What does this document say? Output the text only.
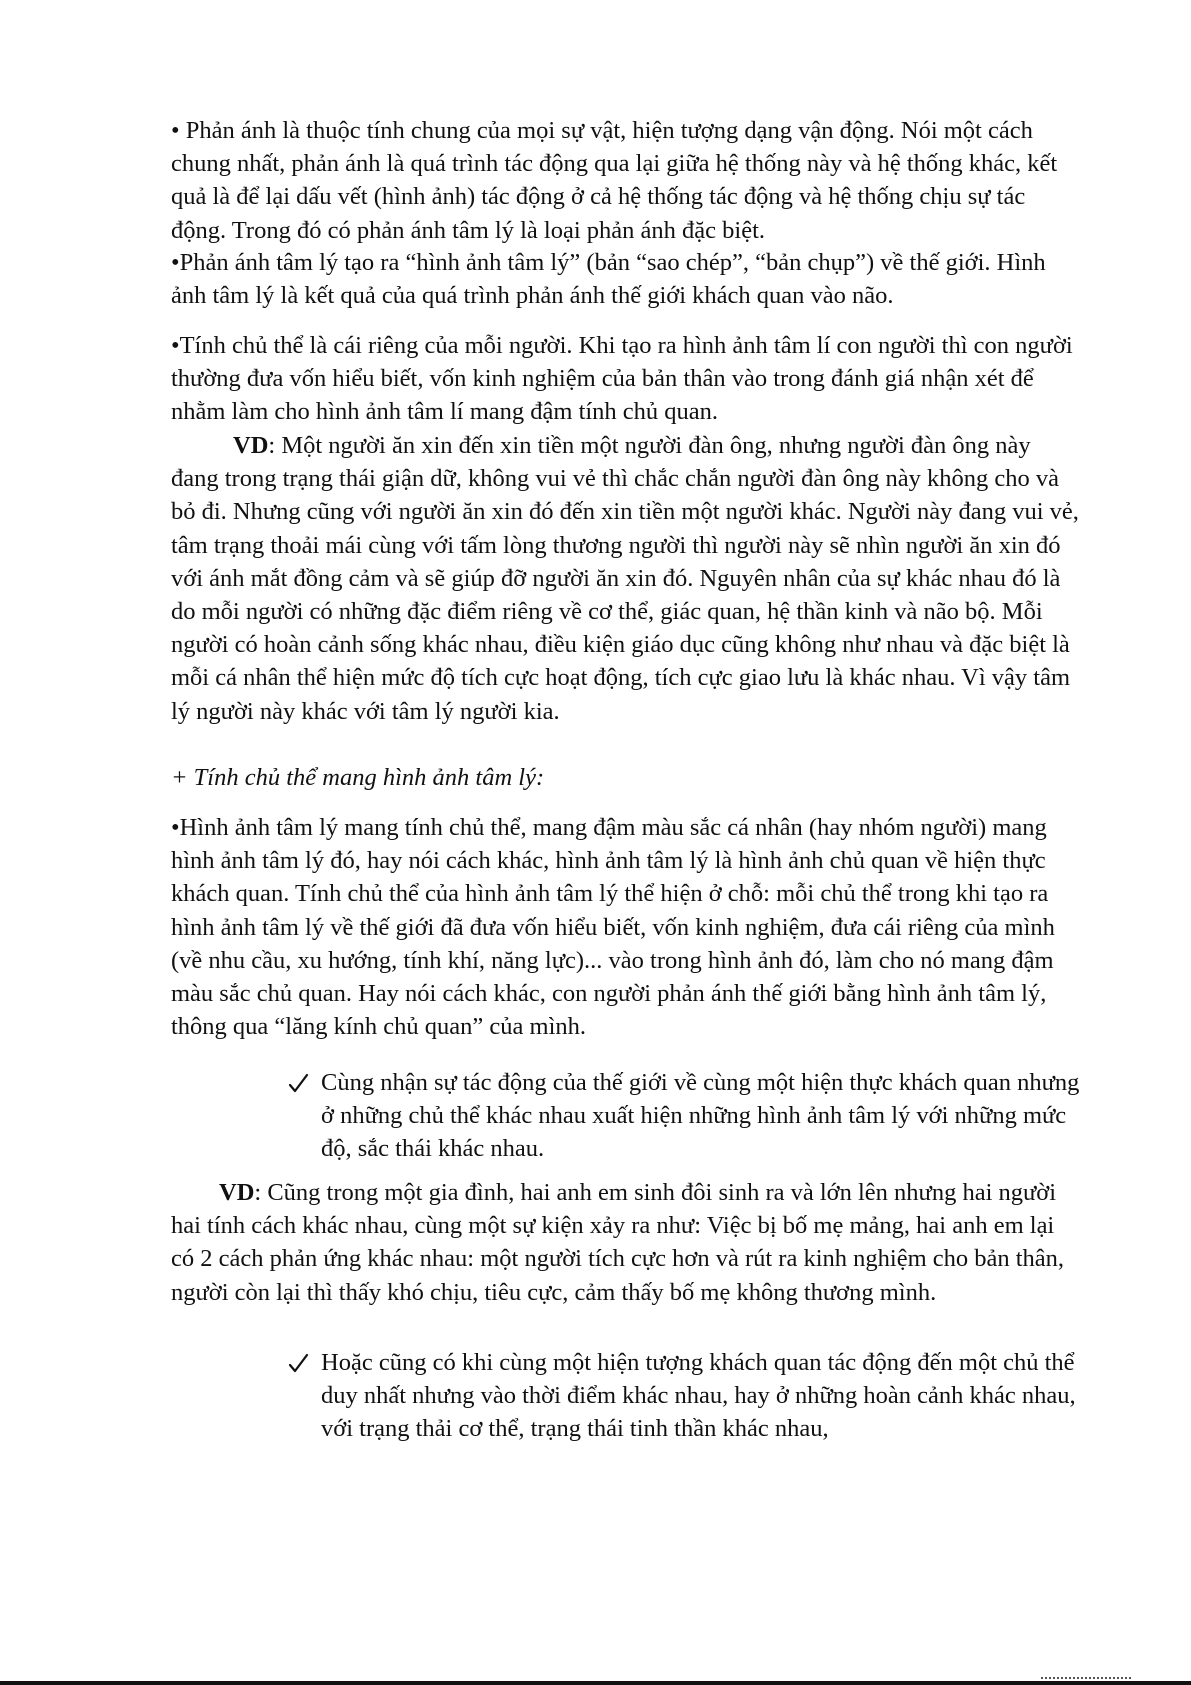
• Phản ánh là thuộc tính chung của mọi sự vật, hiện tượng dạng vận động. Nói một cách chung nhất, phản ánh là quá trình tác động qua lại giữa hệ thống này và hệ thống khác, kết quả là để lại dấu vết (hình ảnh) tác động ở cả hệ thống tác động và hệ thống chịu sự tác động. Trong đó có phản ánh tâm lý là loại phản ánh đặc biệt.

•Phản ánh tâm lý tạo ra “hình ảnh tâm lý” (bản “sao chép”, “bản chụp”) về thế giới. Hình ảnh tâm lý là kết quả của quá trình phản ánh thế giới khách quan vào não.

•Tính chủ thể là cái riêng của mỗi người. Khi tạo ra hình ảnh tâm lí con người thì con người thường đưa vốn hiểu biết, vốn kinh nghiệm của bản thân vào trong đánh giá nhận xét để nhằm làm cho hình ảnh tâm lí mang đậm tính chủ quan.

VD: Một người ăn xin đến xin tiền một người đàn ông, nhưng người đàn ông này đang trong trạng thái giận dữ, không vui vẻ thì chắc chắn người đàn ông này không cho và bỏ đi. Nhưng cũng với người ăn xin đó đến xin tiền một người khác. Người này đang vui vẻ, tâm trạng thoải mái cùng với tấm lòng thương người thì người này sẽ nhìn người ăn xin đó với ánh mắt đồng cảm và sẽ giúp đỡ người ăn xin đó. Nguyên nhân của sự khác nhau đó là do mỗi người có những đặc điểm riêng về cơ thể, giác quan, hệ thần kinh và não bộ. Mỗi người có hoàn cảnh sống khác nhau, điều kiện giáo dục cũng không như nhau và đặc biệt là mỗi cá nhân thể hiện mức độ tích cực hoạt động, tích cực giao lưu là khác nhau. Vì vậy tâm lý người này khác với tâm lý người kia.

+ Tính chủ thể mang hình ảnh tâm lý:

•Hình ảnh tâm lý mang tính chủ thể, mang đậm màu sắc cá nhân (hay nhóm người) mang hình ảnh tâm lý đó, hay nói cách khác, hình ảnh tâm lý là hình ảnh chủ quan về hiện thực khách quan. Tính chủ thể của hình ảnh tâm lý thể hiện ở chỗ: mỗi chủ thể trong khi tạo ra hình ảnh tâm lý về thế giới đã đưa vốn hiểu biết, vốn kinh nghiệm, đưa cái riêng của mình (về nhu cầu, xu hướng, tính khí, năng lực)... vào trong hình ảnh đó, làm cho nó mang đậm màu sắc chủ quan. Hay nói cách khác, con người phản ánh thế giới bằng hình ảnh tâm lý, thông qua “lăng kính chủ quan” của mình.

Cùng nhận sự tác động của thế giới về cùng một hiện thực khách quan nhưng ở những chủ thể khác nhau xuất hiện những hình ảnh tâm lý với những mức độ, sắc thái khác nhau.

VD: Cũng trong một gia đình, hai anh em sinh đôi sinh ra và lớn lên nhưng hai người hai tính cách khác nhau, cùng một sự kiện xảy ra như: Việc bị bố mẹ mảng, hai anh em lại có 2 cách phản ứng khác nhau: một người tích cực hơn và rút ra kinh nghiệm cho bản thân, người còn lại thì thấy khó chịu, tiêu cực, cảm thấy bố mẹ không thương mình.

Hoặc cũng có khi cùng một hiện tượng khách quan tác động đến một chủ thể duy nhất nhưng vào thời điểm khác nhau, hay ở những hoàn cảnh khác nhau, với trạng thải cơ thể, trạng thái tinh thần khác nhau,
